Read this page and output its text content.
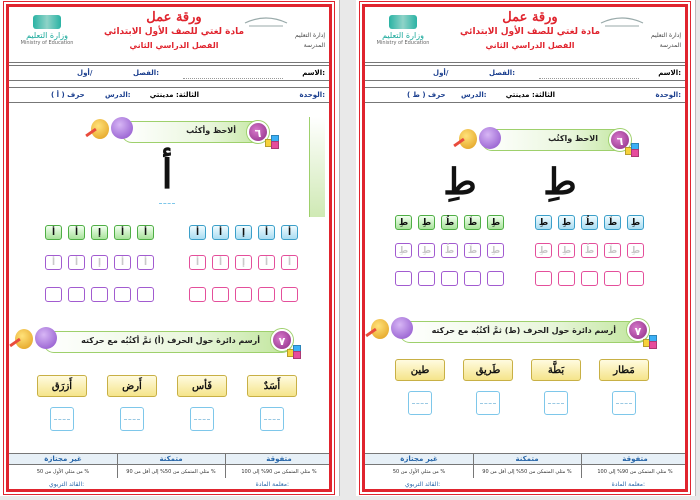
وزارة التعليم
Ministry of Education
ورقة عمل
مادة لغتي للصف الأول الابتدائي
الفصل الدراسي الثاني
إدارة التعليم
المدرسة
الاسم:
الفصل:
أول/
الوحدة:
الثالثة: مدينتي
الدرس:
حرف ( أ )
ألاحظ وأكتُب	٦
أ
أ	أ	إ	أ	أ
أ	أ	إ	أ	أ
أ	أ	إ	أ	أ
أ	أ	إ	أ	أ
أرسم دائرة حول الحرف (أ) ثمَّ أكتُبُه مع حركته	٧
أَسَدٌ
فَأس
أَرض
أَزرَق
غير مجتازة	متمكنة	متفوقة
من مثلي الأول من 50 %	مثلي المتمكن من 50% إلى أقل من 90 %	مثلي المتمكن من 90% إلى 100 %
القائد التربوي:	معلمة المادة:
وزارة التعليم
Ministry of Education
ورقة عمل
مادة لغتي للصف الأول الابتدائي
الفصل الدراسي الثاني
إدارة التعليم
المدرسة
الاسم:
الفصل:
أول/
الوحدة:
الثالثة: مدينتي
الدرس:
حرف ( ط )
الاحظ واكتُب	٦
طِ طِ
طِ	طِ	طُ	طَ	طِ
طِ	طِ	طُ	طَ	طِ
طِ	طِ	طُ	طَ	طِ
طِ	طِ	طُ	طَ	طِ
أرسم دائرة حول الحرف (ط) ثمَّ أكتُبُه مع حركته	٧
مَطار
بَطَّة
طَريق
طين
غير مجتازة	متمكنة	متفوقة
من مثلي الأول من 50 %	مثلي المتمكن من 50% إلى أقل من 90 %	مثلي المتمكن من 90% إلى 100 %
القائد التربوي:	معلمة المادة:
